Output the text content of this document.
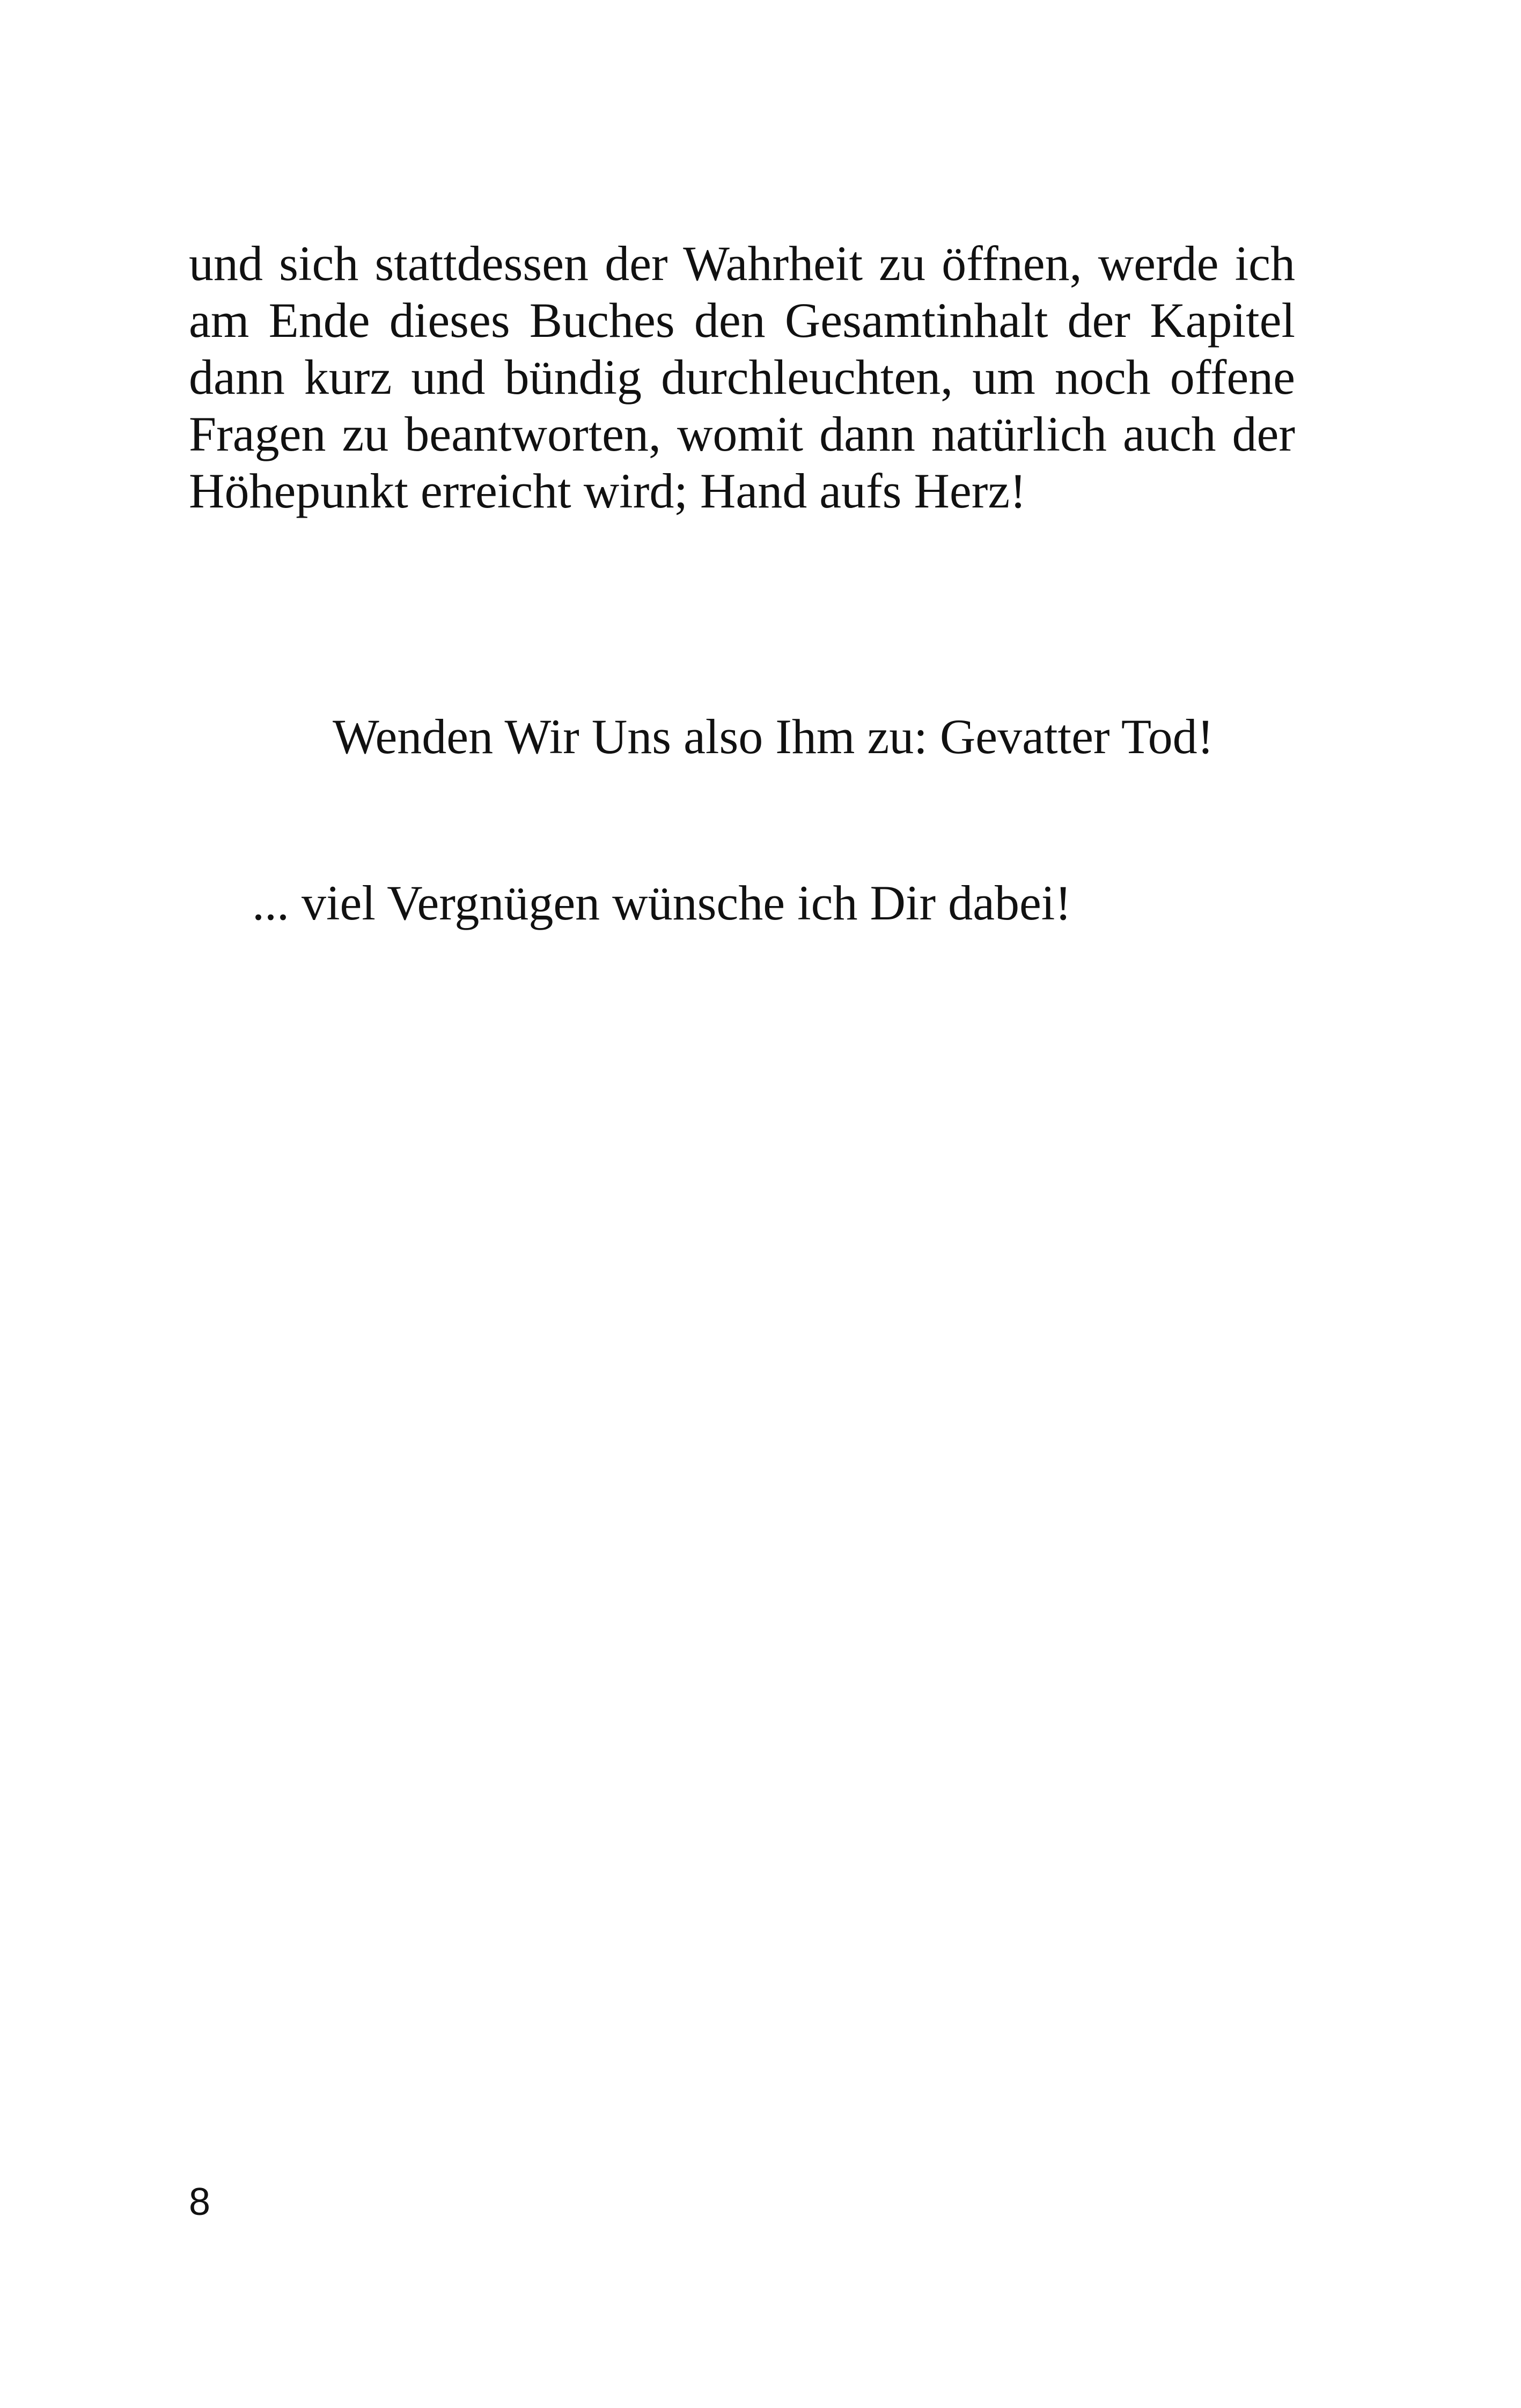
und sich stattdessen der Wahrheit zu öffnen, werde ich
am Ende dieses Buches den Gesamtinhalt der Kapitel
dann kurz und bündig durchleuchten, um noch offene
Fragen zu beantworten, womit dann natürlich auch der
Höhepunkt erreicht wird; Hand aufs Herz!
Wenden Wir Uns also Ihm zu: Gevatter Tod!
... viel Vergnügen wünsche ich Dir dabei!
8
